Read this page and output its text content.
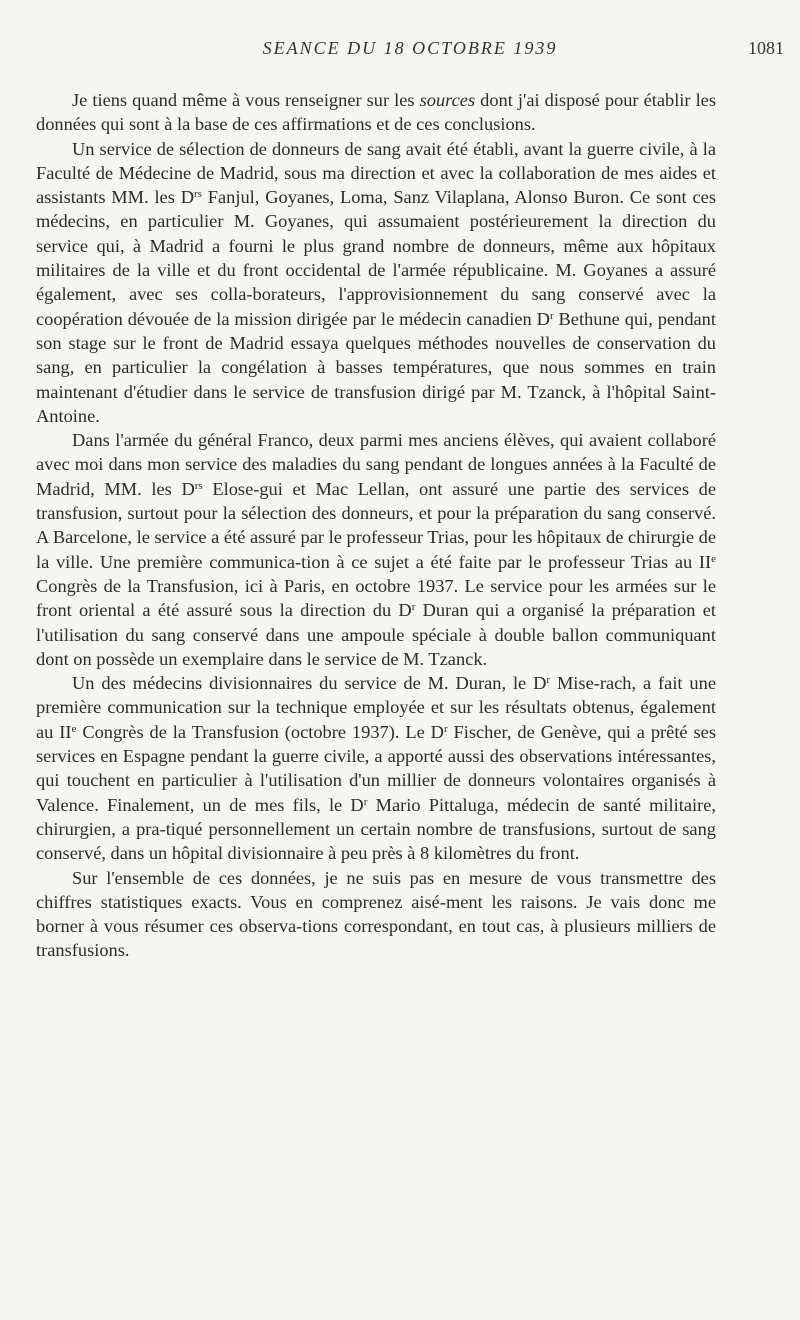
SEANCE DU 18 OCTOBRE 1939	1081

Je tiens quand même à vous renseigner sur les sources dont j'ai disposé pour établir les données qui sont à la base de ces affirmations et de ces conclusions.

Un service de sélection de donneurs de sang avait été établi, avant la guerre civile, à la Faculté de Médecine de Madrid, sous ma direction et avec la collaboration de mes aides et assistants MM. les $D^{rs}$ Fanjul, Goyanes, Loma, Sanz Vilaplana, Alonso Buron. Ce sont ces médecins, en particulier M. Goyanes, qui assumaient postérieurement la direction du service qui, à Madrid a fourni le plus grand nombre de donneurs, même aux hôpitaux militaires de la ville et du front occidental de l'armée républicaine. M. Goyanes a assuré également, avec ses colla-borateurs, l'approvisionnement du sang conservé avec la coopération dévouée de la mission dirigée par le médecin canadien $D^r$ Bethune qui, pendant son stage sur le front de Madrid essaya quelques méthodes nouvelles de conservation du sang, en particulier la congélation à basses températures, que nous sommes en train maintenant d'étudier dans le service de transfusion dirigé par M. Tzanck, à l'hôpital Saint-Antoine.

Dans l'armée du général Franco, deux parmi mes anciens élèves, qui avaient collaboré avec moi dans mon service des maladies du sang pendant de longues années à la Faculté de Madrid, MM. les $D^{rs}$ Elose-gui et Mac Lellan, ont assuré une partie des services de transfusion, surtout pour la sélection des donneurs, et pour la préparation du sang conservé. A Barcelone, le service a été assuré par le professeur Trias, pour les hôpitaux de chirurgie de la ville. Une première communica-tion à ce sujet a été faite par le professeur Trias au IIe Congrès de la Transfusion, ici à Paris, en octobre 1937. Le service pour les armées sur le front oriental a été assuré sous la direction du $D^r$ Duran qui a organisé la préparation et l'utilisation du sang conservé dans une ampoule spéciale à double ballon communiquant dont on possède un exemplaire dans le service de M. Tzanck.

Un des médecins divisionnaires du service de M. Duran, le $D^r$ Mise-rach, a fait une première communication sur la technique employée et sur les résultats obtenus, également au IIe Congrès de la Transfusion (octobre 1937). Le $D^r$ Fischer, de Genève, qui a prêté ses services en Espagne pendant la guerre civile, a apporté aussi des observations intéressantes, qui touchent en particulier à l'utilisation d'un millier de donneurs volontaires organisés à Valence. Finalement, un de mes fils, le $D^r$ Mario Pittaluga, médecin de santé militaire, chirurgien, a pra-tiqué personnellement un certain nombre de transfusions, surtout de sang conservé, dans un hôpital divisionnaire à peu près à 8 kilomètres du front.

Sur l'ensemble de ces données, je ne suis pas en mesure de vous transmettre des chiffres statistiques exacts. Vous en comprenez aisé-ment les raisons. Je vais donc me borner à vous résumer ces observa-tions correspondant, en tout cas, à plusieurs milliers de transfusions.
